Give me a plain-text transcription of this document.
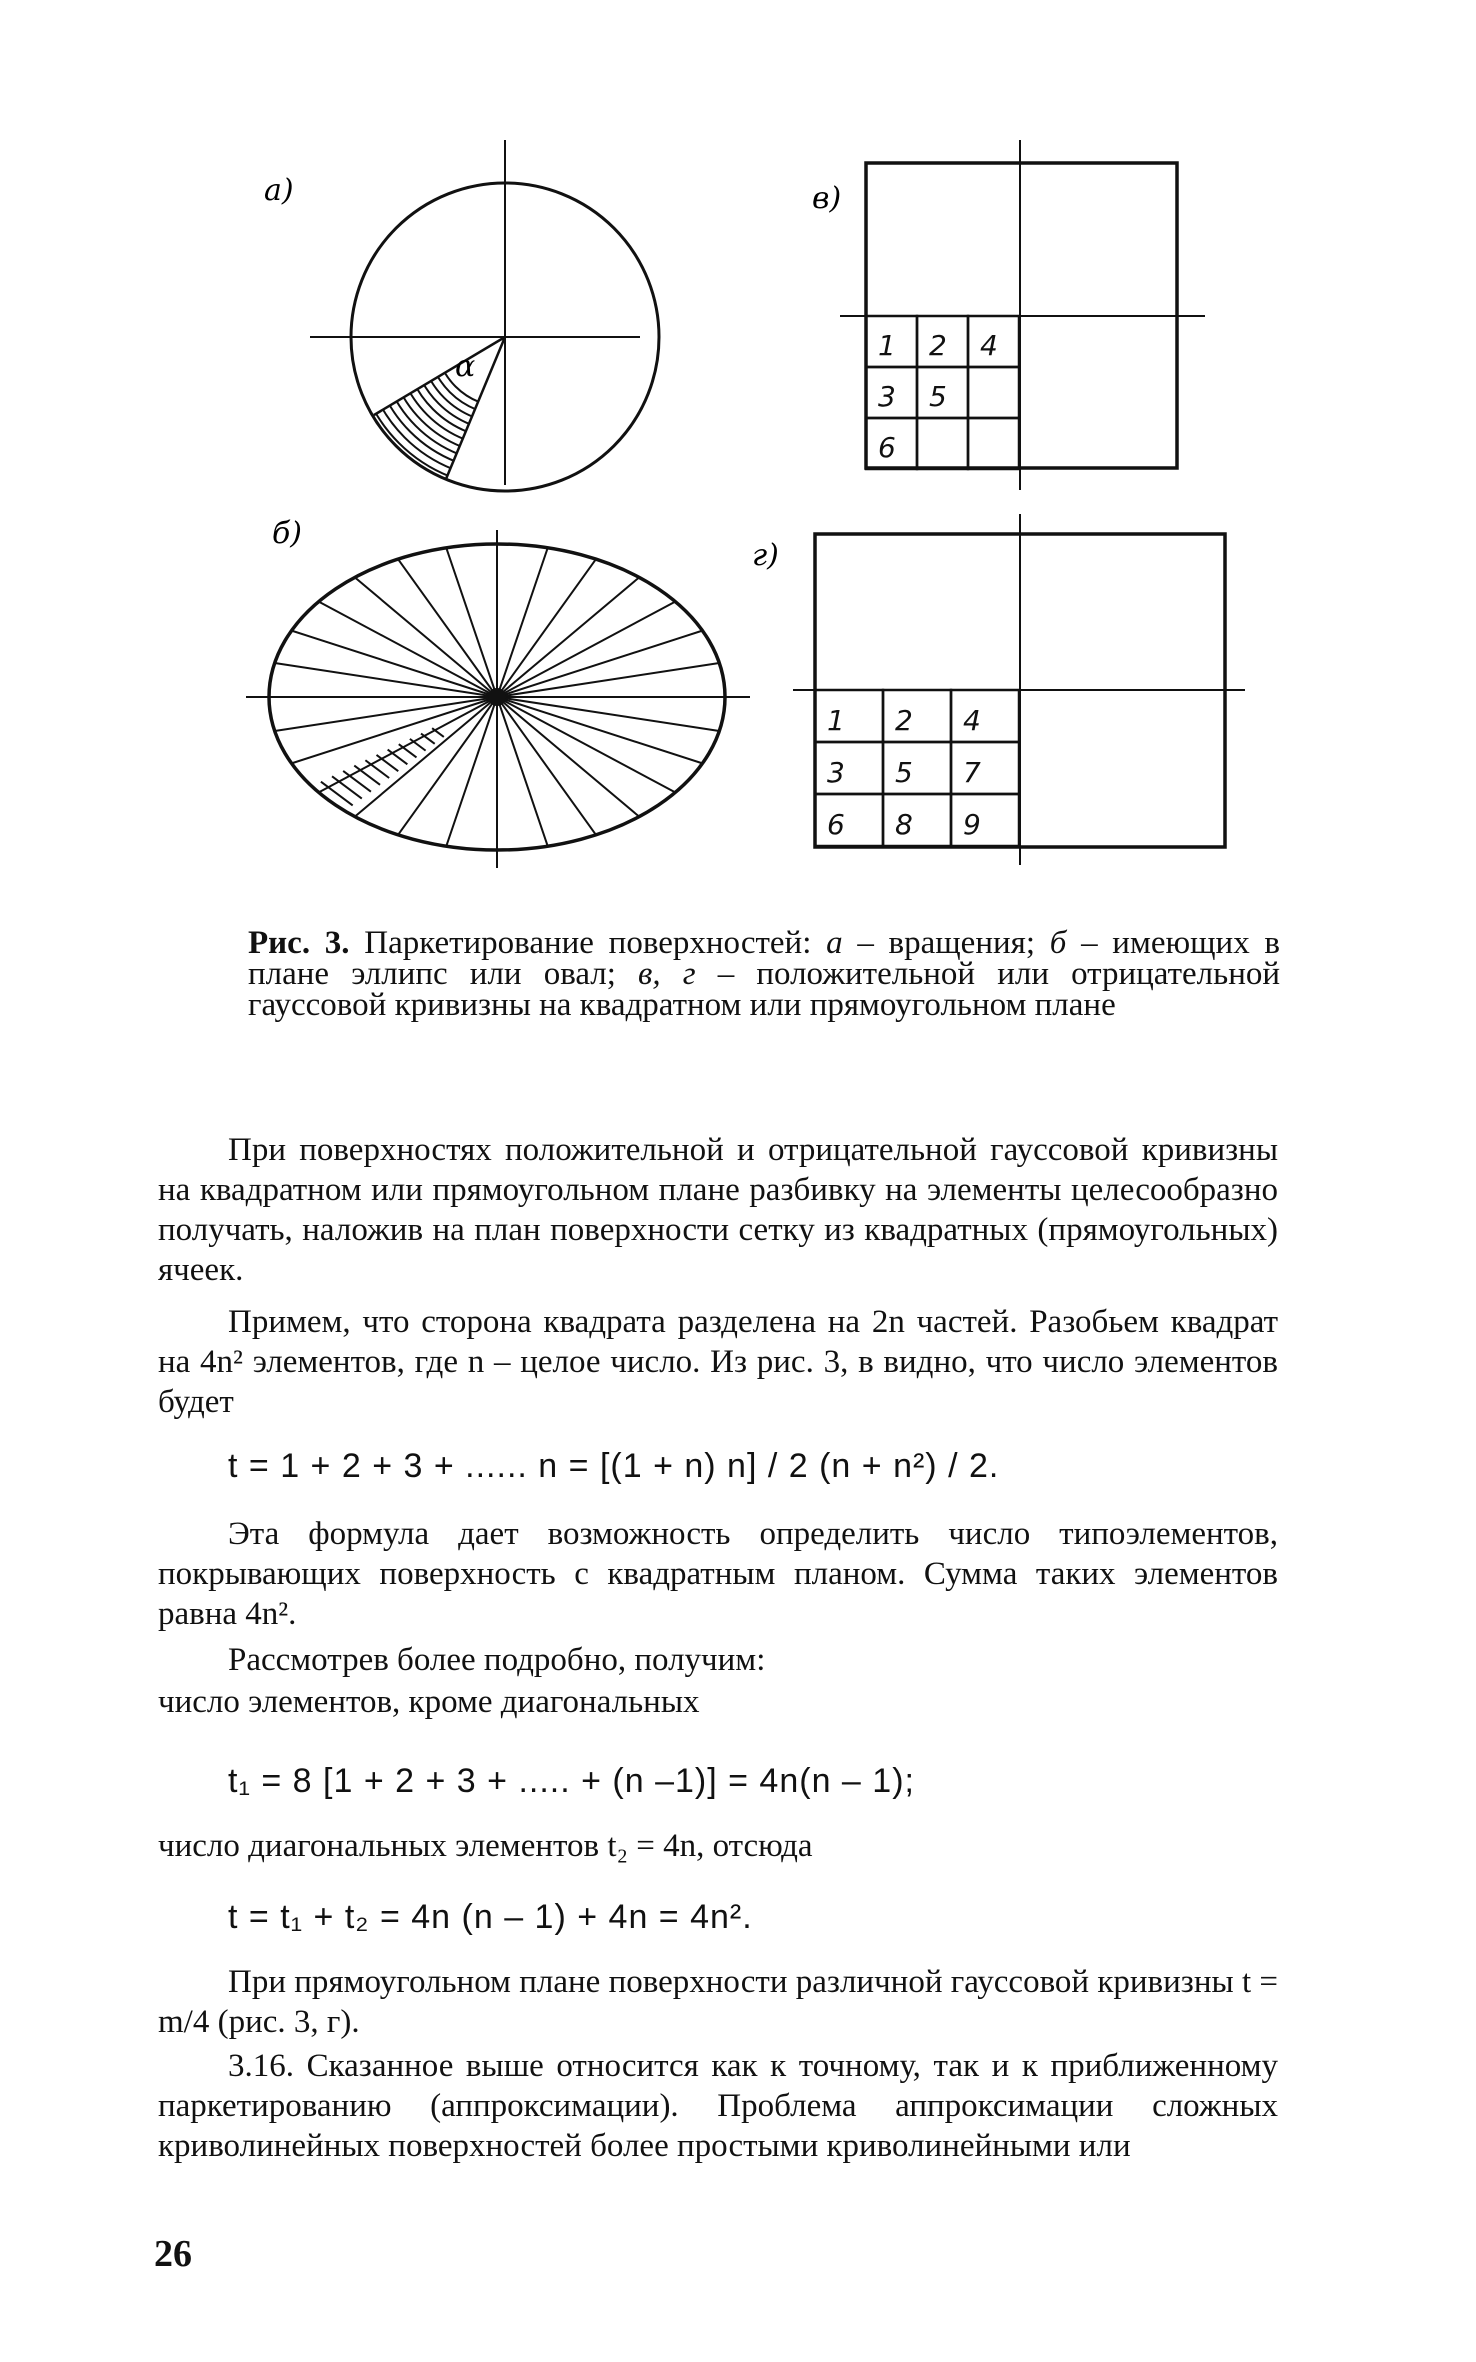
а)
α
б)
1 2 4
3 5
6
в)
1 2 4
3 5 7
6 8 9
г)
Рис. 3. Паркетирование поверхностей: а – вращения; б – имеющих в плане эллипс или овал; в, г – положительной или отрицательной гауссовой кривизны на квадратном или прямоугольном плане

При поверхностях положительной и отрицательной гауссовой кривизны на квадратном или прямоугольном плане разбивку на элементы целесообразно получать, наложив на план поверхности сетку из квадратных (прямоугольных) ячеек.

Примем, что сторона квадрата разделена на 2n частей. Разобьем квадрат на 4n² элементов, где n – целое число. Из рис. 3, в видно, что число элементов будет

t = 1 + 2 + 3 + ...... n = [(1 + n) n] / 2 (n + n²) / 2.

Эта формула дает возможность определить число типоэлементов, покрывающих поверхность с квадратным планом. Сумма таких элементов равна 4n².

Рассмотрев более подробно, получим:

число элементов, кроме диагональных

t₁ = 8 [1 + 2 + 3 + ..... + (n –1)] = 4n(n – 1);

число диагональных элементов t₂ = 4n, отсюда

t = t₁ + t₂ = 4n (n – 1) + 4n = 4n².

При прямоугольном плане поверхности различной гауссовой кривизны t = m/4 (рис. 3, г).

3.16. Сказанное выше относится как к точному, так и к приближенному паркетированию (аппроксимации). Проблема аппроксимации сложных криволинейных поверхностей более простыми криволинейными или

26
